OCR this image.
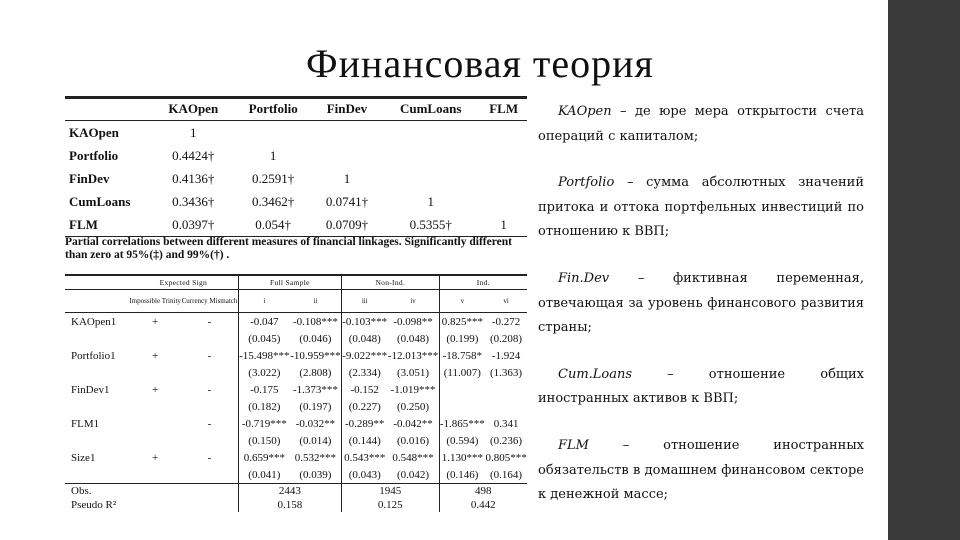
Финансовая теория
	KAOpen	Portfolio	FinDev	CumLoans	FLM
KAOpen	1				
Portfolio	0.4424†	1			
FinDev	0.4136†	0.2591†	1		
CumLoans	0.3436†	0.3462†	0.0741†	1	
FLM	0.0397†	0.054†	0.0709†	0.5355†	1
Partial correlations between different measures of financial linkages. Significantly different than zero at 95%(‡) and 99%(†) .
	Expected Sign		Full Sample		Non-Ind.		Ind.	
	Impossible Trinity	Currency Mismatch	i	ii	iii	iv	v	vi
KAOpen1	+	-	-0.047	-0.108***	-0.103***	-0.098**	0.825***	-0.272
			(0.045)	(0.046)	(0.048)	(0.048)	(0.199)	(0.208)
Portfolio1	+	-	-15.498***	-10.959***	-9.022***	-12.013***	-18.758*	-1.924
			(3.022)	(2.808)	(2.334)	(3.051)	(11.007)	(1.363)
FinDev1	+	-	-0.175	-1.373***	-0.152	-1.019***		
			(0.182)	(0.197)	(0.227)	(0.250)		
FLM1		-	-0.719***	-0.032**	-0.289**	-0.042**	-1.865***	0.341
			(0.150)	(0.014)	(0.144)	(0.016)	(0.594)	(0.236)
Size1	+	-	0.659***	0.532***	0.543***	0.548***	1.130***	0.805***
			(0.041)	(0.039)	(0.043)	(0.042)	(0.146)	(0.164)
Obs.			2443		1945		498	
Pseudo R²			0.158		0.125		0.442	

KAOpen – де юре мера открытости счета операций с капиталом;

Portfolio – сумма абсолютных значений притока и оттока портфельных инвестиций по отношению к ВВП;

Fin.Dev – фиктивная переменная, отвечающая за уровень финансового развития страны;

Cum.Loans – отношение общих иностранных активов к ВВП;

FLM – отношение иностранных обязательств в домашнем финансовом секторе к денежной массе;
